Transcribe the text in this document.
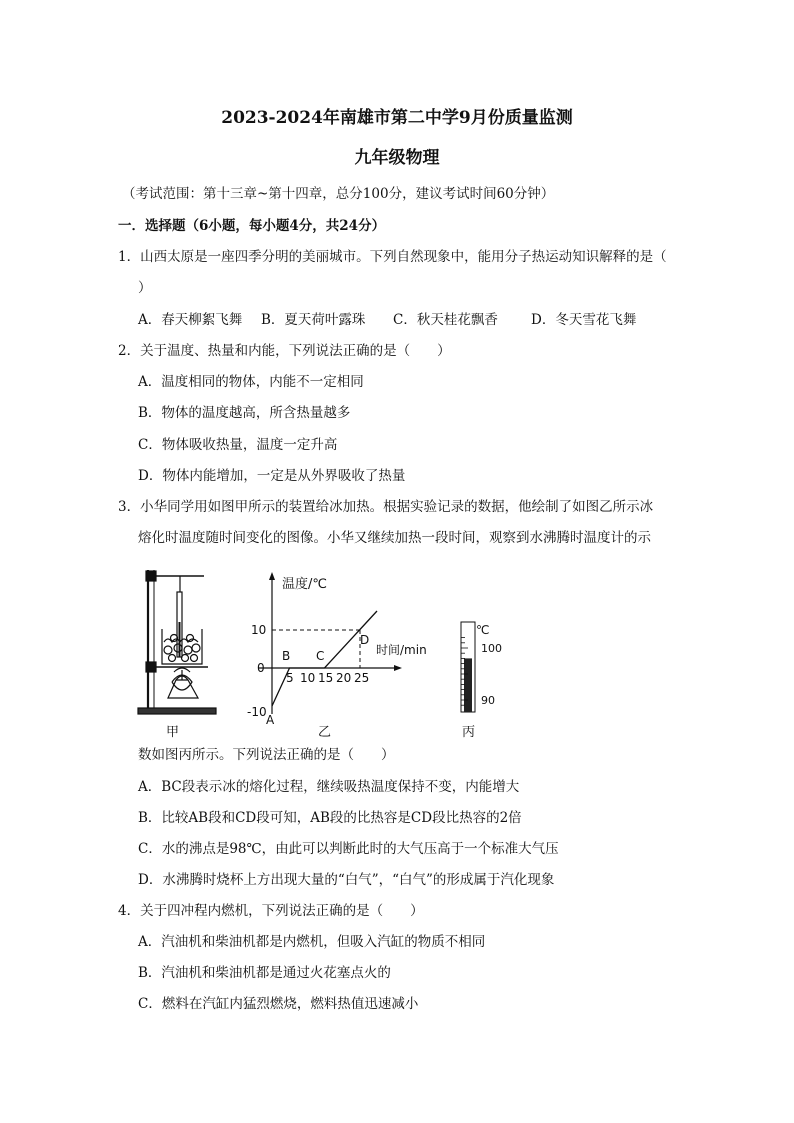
2023-2024年南雄市第二中学9月份质量监测
九年级物理
（考试范围：第十三章~第十四章，总分100分，建议考试时间60分钟）
一．选择题（6小题，每小题4分，共24分）
1．山西太原是一座四季分明的美丽城市。下列自然现象中，能用分子热运动知识解释的是（
）
A．春天柳絮飞舞 B．夏天荷叶露珠 C．秋天桂花飘香 D．冬天雪花飞舞
2．关于温度、热量和内能，下列说法正确的是（　　）
A．温度相同的物体，内能不一定相同
B．物体的温度越高，所含热量越多
C．物体吸收热量，温度一定升高
D．物体内能增加，一定是从外界吸收了热量
3．小华同学用如图甲所示的装置给冰加热。根据实验记录的数据，他绘制了如图乙所示冰
熔化时温度随时间变化的图像。小华又继续加热一段时间，观察到水沸腾时温度计的示
甲
温度/℃
时间/min
10
0
-10
5 10 15 20 25
A
B C
D
乙
℃
100
90
丙
数如图丙所示。下列说法正确的是（　　）
A．BC段表示冰的熔化过程，继续吸热温度保持不变，内能增大
B．比较AB段和CD段可知，AB段的比热容是CD段比热容的2倍
C．水的沸点是98℃，由此可以判断此时的大气压高于一个标准大气压
D．水沸腾时烧杯上方出现大量的“白气”，“白气”的形成属于汽化现象
4．关于四冲程内燃机，下列说法正确的是（　　）
A．汽油机和柴油机都是内燃机，但吸入汽缸的物质不相同
B．汽油机和柴油机都是通过火花塞点火的
C．燃料在汽缸内猛烈燃烧，燃料热值迅速减小
